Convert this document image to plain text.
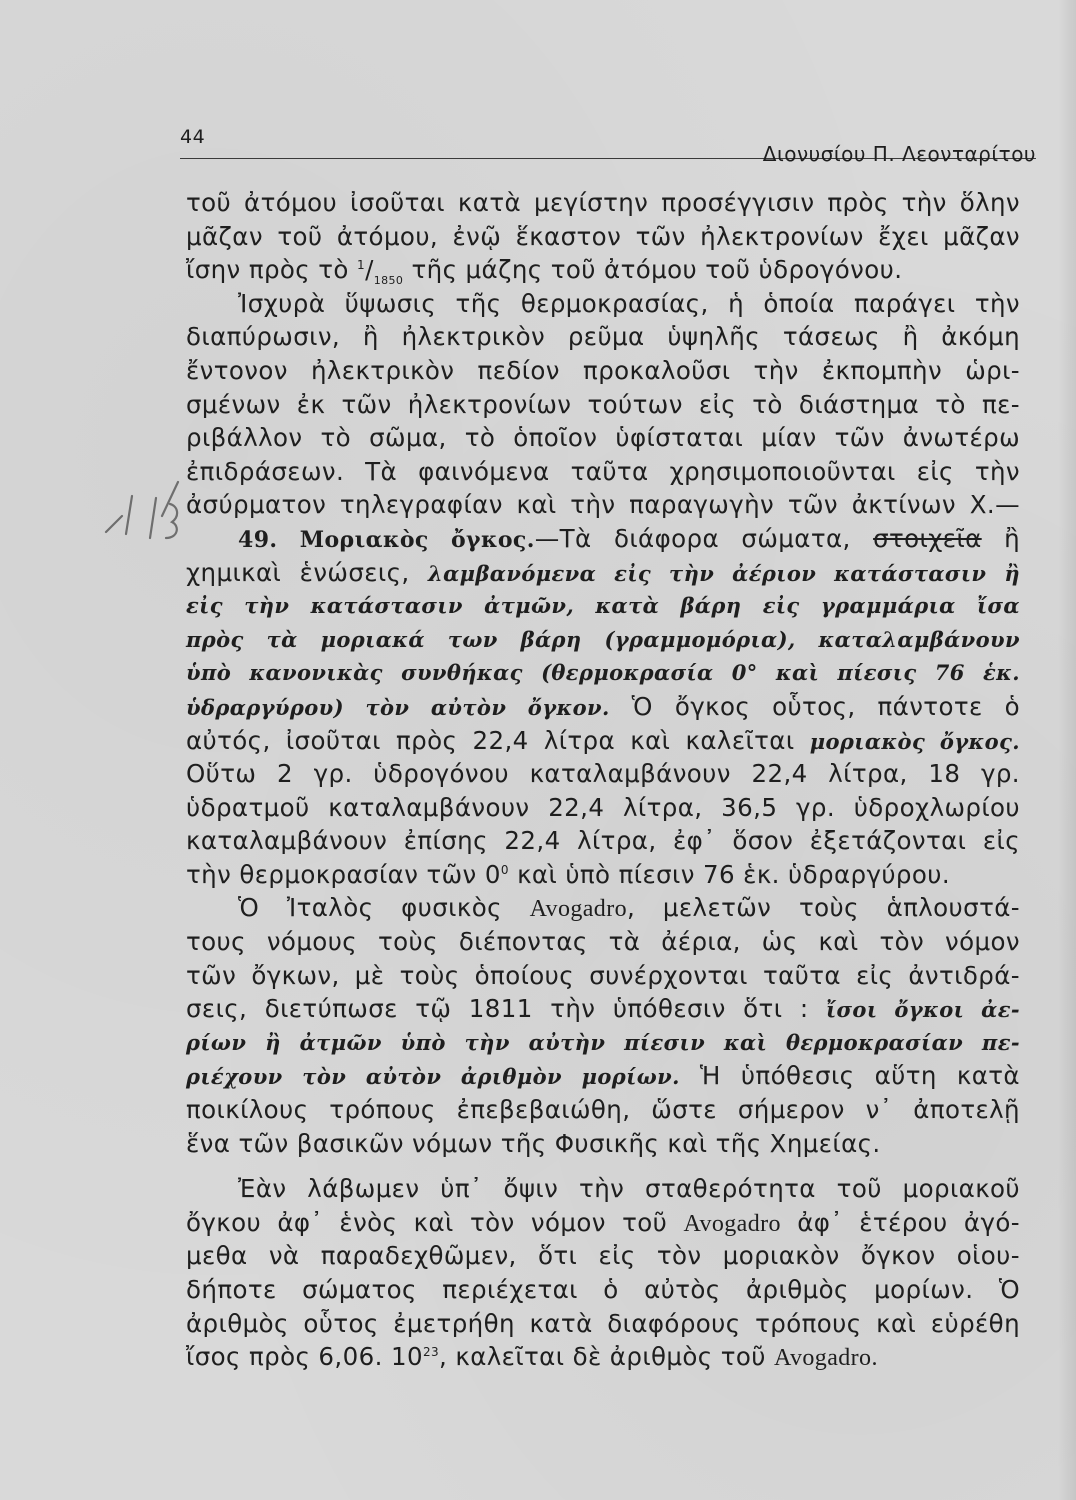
44
Διονυσίου Π. Λεονταρίτου
τοῦ ἀτόμου ἰσοῦται κατὰ μεγίστην προσέγγισιν πρὸς τὴν ὅλην
μᾶζαν τοῦ ἀτόμου, ἐνῷ ἕκαστον τῶν ἠλεκτρονίων ἔχει μᾶζαν
ἴσην πρὸς τὸ $^1/_{1850}$ τῆς μάζης τοῦ ἀτόμου τοῦ ὑδρογόνου.
Ἰσχυρὰ ὕψωσις τῆς θερμοκρασίας, ἡ ὁποία παράγει τὴν
διαπύρωσιν, ἢ ἠλεκτρικὸν ρεῦμα ὑψηλῆς τάσεως ἢ ἀκόμη
ἔντονον ἠλεκτρικὸν πεδίον προκαλοῦσι τὴν ἐκπομπὴν ὡρι-
σμένων ἐκ τῶν ἠλεκτρονίων τούτων εἰς τὸ διάστημα τὸ πε-
ριβάλλον τὸ σῶμα, τὸ ὁποῖον ὑφίσταται μίαν τῶν ἀνωτέρω
ἐπιδράσεων. Τὰ φαινόμενα ταῦτα χρησιμοποιοῦνται εἰς τὴν
ἀσύρματον τηλεγραφίαν καὶ τὴν παραγωγὴν τῶν ἀκτίνων Χ.—
49. Μοριακὸς ὄγκος.—Τὰ διάφορα σώματα, στοιχεῖα ἢ
χημικαὶ ἑνώσεις, λαμβανόμενα εἰς τὴν ἀέριον κατάστασιν ἢ
εἰς τὴν κατάστασιν ἀτμῶν, κατὰ βάρη εἰς γραμμάρια ἴσα
πρὸς τὰ μοριακά των βάρη (γραμμομόρια), καταλαμβάνουν
ὑπὸ κανονικὰς συνθήκας (θερμοκρασία 0° καὶ πίεσις 76 ἑκ.
ὑδραργύρου) τὸν αὐτὸν ὄγκον. Ὁ ὄγκος οὗτος, πάντοτε ὁ
αὐτός, ἰσοῦται πρὸς 22,4 λίτρα καὶ καλεῖται μοριακὸς ὄγκος.
Οὕτω 2 γρ. ὑδρογόνου καταλαμβάνουν 22,4 λίτρα, 18 γρ.
ὑδρατμοῦ καταλαμβάνουν 22,4 λίτρα, 36,5 γρ. ὑδροχλωρίου
καταλαμβάνουν ἐπίσης 22,4 λίτρα, ἐφ᾽ ὅσον ἐξετάζονται εἰς
τὴν θερμοκρασίαν τῶν $0^0$ καὶ ὑπὸ πίεσιν 76 ἑκ. ὑδραργύρου.
Ὁ Ἰταλὸς φυσικὸς Avogadro, μελετῶν τοὺς ἁπλουστά-
τους νόμους τοὺς διέποντας τὰ ἀέρια, ὡς καὶ τὸν νόμον
τῶν ὄγκων, μὲ τοὺς ὁποίους συνέρχονται ταῦτα εἰς ἀντιδρά-
σεις, διετύπωσε τῷ 1811 τὴν ὑπόθεσιν ὅτι : ἴσοι ὄγκοι ἀε-
ρίων ἢ ἀτμῶν ὑπὸ τὴν αὐτὴν πίεσιν καὶ θερμοκρασίαν πε-
ριέχουν τὸν αὐτὸν ἀριθμὸν μορίων. Ἡ ὑπόθεσις αὕτη κατὰ
ποικίλους τρόπους ἐπεβεβαιώθη, ὥστε σήμερον ν᾽ ἀποτελῇ
ἕνα τῶν βασικῶν νόμων τῆς Φυσικῆς καὶ τῆς Χημείας.
Ἐὰν λάβωμεν ὑπ᾽ ὄψιν τὴν σταθερότητα τοῦ μοριακοῦ
ὄγκου ἀφ᾽ ἑνὸς καὶ τὸν νόμον τοῦ Avogadro ἀφ᾽ ἑτέρου ἀγό-
μεθα νὰ παραδεχθῶμεν, ὅτι εἰς τὸν μοριακὸν ὄγκον οἱου-
δήποτε σώματος περιέχεται ὁ αὐτὸς ἀριθμὸς μορίων. Ὁ
ἀριθμὸς οὗτος ἐμετρήθη κατὰ διαφόρους τρόπους καὶ εὑρέθη
ἴσος πρὸς 6,06. $10^{23}$, καλεῖται δὲ ἀριθμὸς τοῦ Avogadro.
